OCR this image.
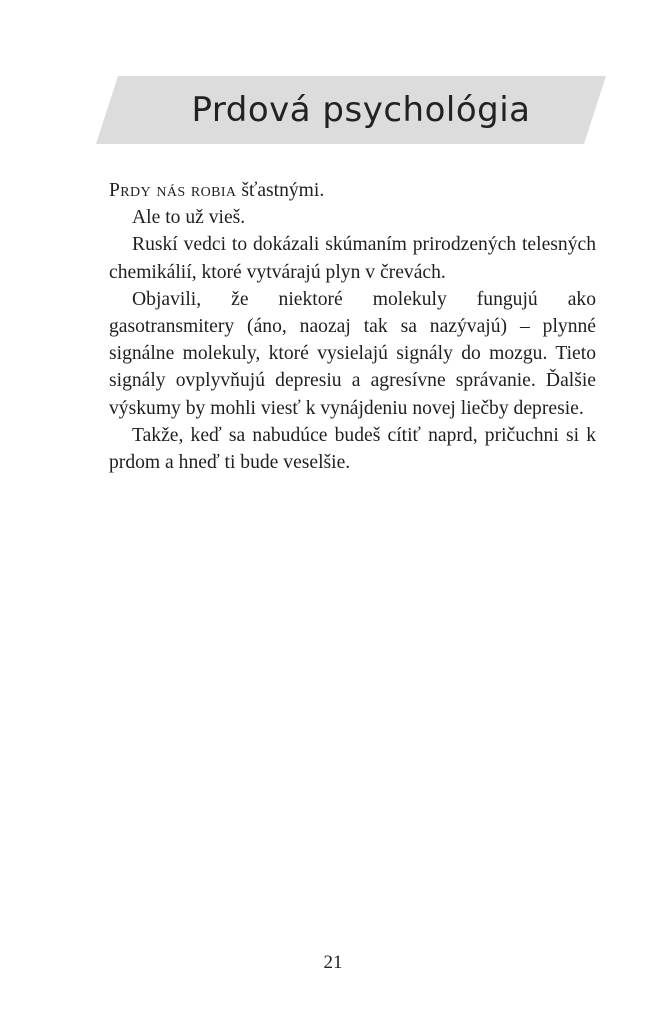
Prdová psychológia

Prdy nás robia šťastnými.

Ale to už vieš.

Ruskí vedci to dokázali skúmaním prirodzených telesných chemikálií, ktoré vytvárajú plyn v črevách.

Objavili, že niektoré molekuly fungujú ako gasotransmitery (áno, naozaj tak sa nazývajú) – plynné signálne molekuly, ktoré vysielajú signály do mozgu. Tieto signály ovplyvňujú depresiu a agresívne správanie. Ďalšie výskumy by mohli viesť k vynájdeniu novej liečby depresie.

Takže, keď sa nabudúce budeš cítiť naprd, pričuchni si k prdom a hneď ti bude veselšie.

21
